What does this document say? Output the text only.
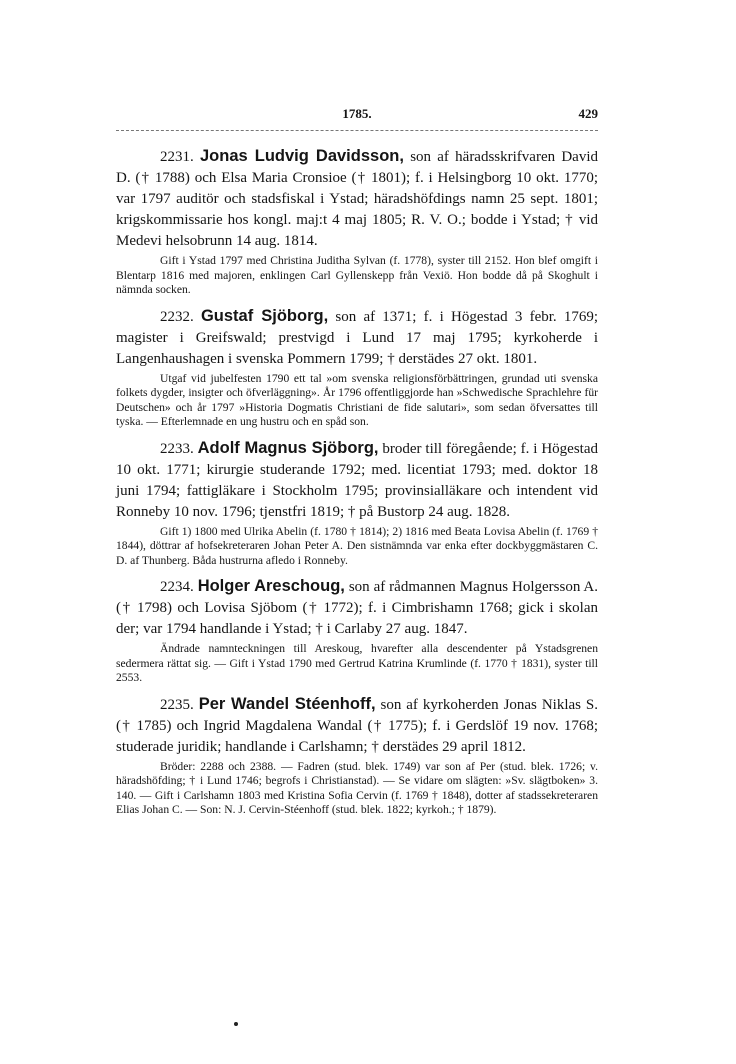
1785.	429

2231. Jonas Ludvig Davidsson, son af häradsskrifvaren David D. († 1788) och Elsa Maria Cronsioe († 1801); f. i Helsingborg 10 okt. 1770; var 1797 auditör och stadsfiskal i Ystad; häradshöfdings namn 25 sept. 1801; krigskommissarie hos kongl. maj:t 4 maj 1805; R. V. O.; bodde i Ystad; † vid Medevi helsobrunn 14 aug. 1814.

Gift i Ystad 1797 med Christina Juditha Sylvan (f. 1778), syster till 2152. Hon blef omgift i Blentarp 1816 med majoren, enklingen Carl Gyllenskepp från Vexiö. Hon bodde då på Skoghult i nämnda socken.

2232. Gustaf Sjöborg, son af 1371; f. i Högestad 3 febr. 1769; magister i Greifswald; prestvigd i Lund 17 maj 1795; kyrkoherde i Langenhaushagen i svenska Pommern 1799; † derstädes 27 okt. 1801.

Utgaf vid jubelfesten 1790 ett tal »om svenska religionsförbättringen, grundad uti svenska folkets dygder, insigter och öfverläggning». År 1796 offentliggjorde han »Schwedische Sprachlehre für Deutschen» och år 1797 »Historia Dogmatis Christiani de fide salutari», som sedan öfversattes till tyska. — Efterlemnade en ung hustru och en spåd son.

2233. Adolf Magnus Sjöborg, broder till föregående; f. i Högestad 10 okt. 1771; kirurgie studerande 1792; med. licentiat 1793; med. doktor 18 juni 1794; fattigläkare i Stockholm 1795; provinsialläkare och intendent vid Ronneby 10 nov. 1796; tjenstfri 1819; † på Bustorp 24 aug. 1828.

Gift 1) 1800 med Ulrika Abelin (f. 1780 † 1814); 2) 1816 med Beata Lovisa Abelin (f. 1769 † 1844), döttrar af hofsekreteraren Johan Peter A. Den sistnämnda var enka efter dockbyggmästaren C. D. af Thunberg. Båda hustrurna afledo i Ronneby.

2234. Holger Areschoug, son af rådmannen Magnus Holgersson A. († 1798) och Lovisa Sjöbom († 1772); f. i Cimbrishamn 1768; gick i skolan der; var 1794 handlande i Ystad; † i Carlaby 27 aug. 1847.

Ändrade namnteckningen till Areskoug, hvarefter alla descendenter på Ystadsgrenen sedermera rättat sig. — Gift i Ystad 1790 med Gertrud Katrina Krumlinde (f. 1770 † 1831), syster till 2553.

2235. Per Wandel Stéenhoff, son af kyrkoherden Jonas Niklas S. († 1785) och Ingrid Magdalena Wandal († 1775); f. i Gerdslöf 19 nov. 1768; studerade juridik; handlande i Carlshamn; † derstädes 29 april 1812.

Bröder: 2288 och 2388. — Fadren (stud. blek. 1749) var son af Per (stud. blek. 1726; v. häradshöfding; † i Lund 1746; begrofs i Christianstad). — Se vidare om slägten: »Sv. slägtboken» 3. 140. — Gift i Carlshamn 1803 med Kristina Sofia Cervin (f. 1769 † 1848), dotter af stadssekreteraren Elias Johan C. — Son: N. J. Cervin-Stéenhoff (stud. blek. 1822; kyrkoh.; † 1879).
